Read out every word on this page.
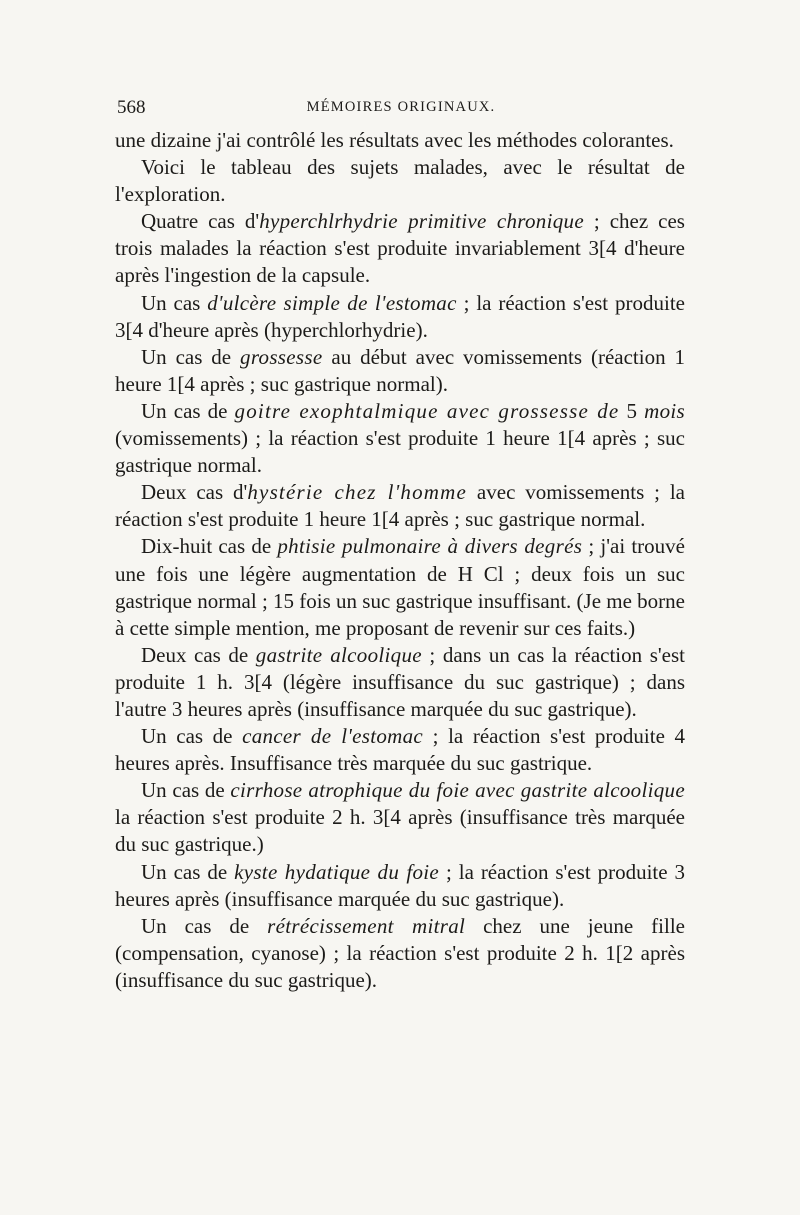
568	MÉMOIRES ORIGINAUX.

une dizaine j'ai contrôlé les résultats avec les méthodes colorantes.

Voici le tableau des sujets malades, avec le résultat de l'exploration.

Quatre cas d'hyperchlrhydrie primitive chronique ; chez ces trois malades la réaction s'est produite invariablement 3[4 d'heure après l'ingestion de la capsule.

Un cas d'ulcère simple de l'estomac ; la réaction s'est produite 3[4 d'heure après (hyperchlorhydrie).

Un cas de grossesse au début avec vomissements (réaction 1 heure 1[4 après ; suc gastrique normal).

Un cas de goitre exophtalmique avec grossesse de 5 mois (vomissements) ; la réaction s'est produite 1 heure 1[4 après ; suc gastrique normal.

Deux cas d'hystérie chez l'homme avec vomissements ; la réaction s'est produite 1 heure 1[4 après ; suc gastrique normal.

Dix-huit cas de phtisie pulmonaire à divers degrés ; j'ai trouvé une fois une légère augmentation de H Cl ; deux fois un suc gastrique normal ; 15 fois un suc gastrique insuffisant. (Je me borne à cette simple mention, me proposant de revenir sur ces faits.)

Deux cas de gastrite alcoolique ; dans un cas la réaction s'est produite 1 h. 3[4 (légère insuffisance du suc gastrique) ; dans l'autre 3 heures après (insuffisance marquée du suc gastrique).

Un cas de cancer de l'estomac ; la réaction s'est produite 4 heures après. Insuffisance très marquée du suc gastrique.

Un cas de cirrhose atrophique du foie avec gastrite alcoolique la réaction s'est produite 2 h. 3[4 après (insuffisance très marquée du suc gastrique.)

Un cas de kyste hydatique du foie ; la réaction s'est produite 3 heures après (insuffisance marquée du suc gastrique).

Un cas de rétrécissement mitral chez une jeune fille (compensation, cyanose) ; la réaction s'est produite 2 h. 1[2 après (insuffisance du suc gastrique).
